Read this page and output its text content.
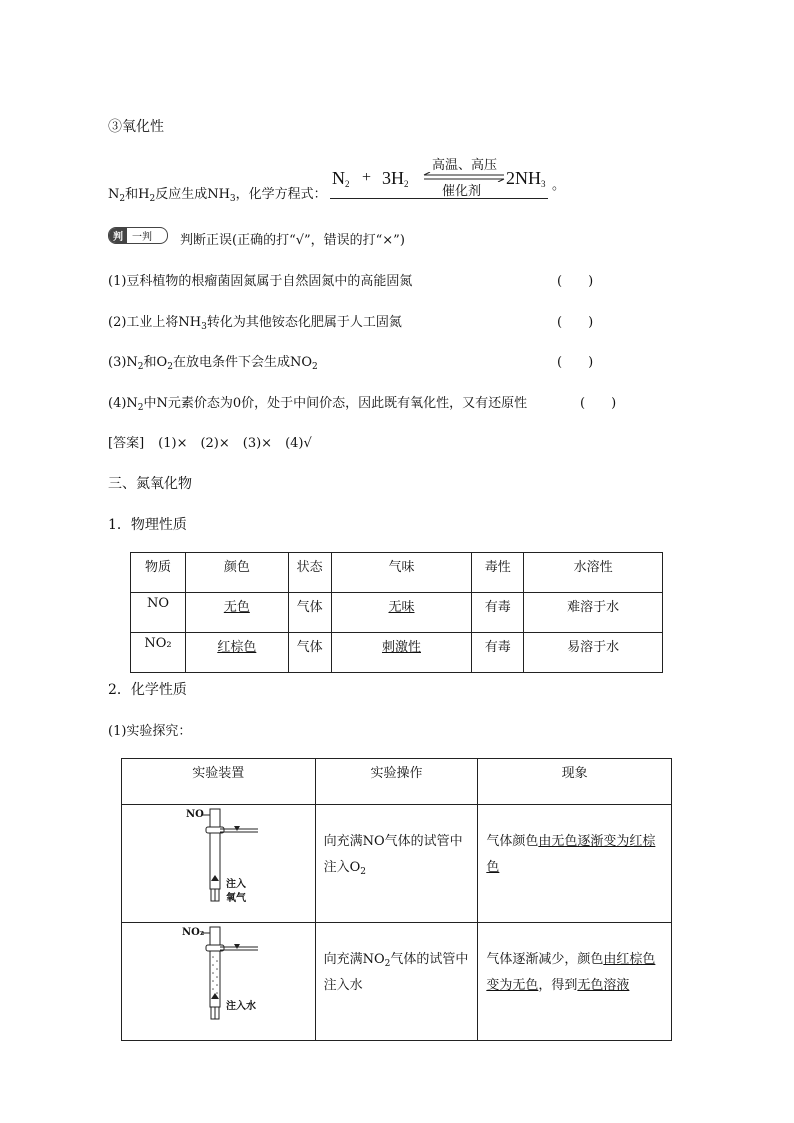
③氧化性
$N_2$和$H_2$反应生成$NH_3$，化学方程式：
$N_2 + 3H_2$
高温、高压
催化剂
$2NH_3$ 。
判 一判	判断正误(正确的打“√”，错误的打“×”)
(1)豆科植物的根瘤菌固氮属于自然固氮中的高能固氮	(　　)
(2)工业上将$NH_3$转化为其他铵态化肥属于人工固氮	(　　)
$(3)N_2$和$O_2$在放电条件下会生成$NO_2$	(　　)
$(4)N_2$中N元素价态为0价，处于中间价态，因此既有氧化性，又有还原性	(　　)
[答案] (1)×　(2)×　(3)×　(4)√
三、氮氧化物
1．物理性质
物质	颜色	状态	气味	毒性	水溶性
NO	无色	气体	无味	有毒	难溶于水
NO₂	红棕色	气体	刺激性	有毒	易溶于水
2．化学性质
(1)实验探究：
实验装置	实验操作	现象

NO
注入
氧气	向充满NO气体的试管中注入$O_2$	气体颜色由无色逐渐变为红棕色

NO₂
注入水	向充满$NO_2$气体的试管中注入水	气体逐渐减少，颜色由红棕色变为无色，得到无色溶液
